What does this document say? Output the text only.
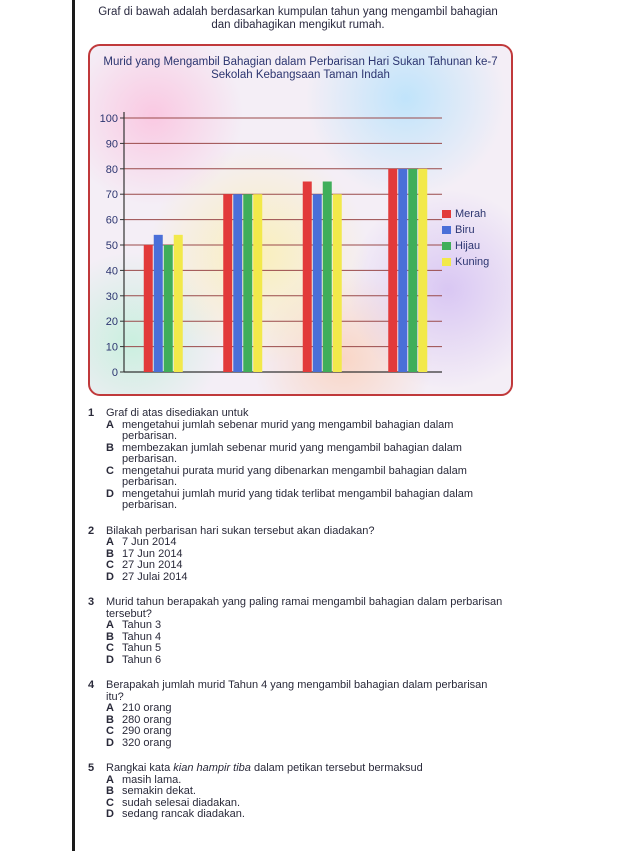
Graf di bawah adalah berdasarkan kumpulan tahun yang mengambil bahagian dan dibahagikan mengikut rumah.
Murid yang Mengambil Bahagian dalam Perbarisan Hari Sukan Tahunan ke-7 Sekolah Kebangsaan Taman Indah
0
10
20
30
40
50
60
70
80
90
100
Merah
Biru
Hijau
Kuning
1	Graf di atas disediakan untuk
A mengetahui jumlah sebenar murid yang mengambil bahagian dalam perbarisan.
B membezakan jumlah sebenar murid yang mengambil bahagian dalam perbarisan.
C mengetahui purata murid yang dibenarkan mengambil bahagian dalam perbarisan.
D mengetahui jumlah murid yang tidak terlibat mengambil bahagian dalam perbarisan.
2	Bilakah perbarisan hari sukan tersebut akan diadakan?
A 7 Jun 2014
B 17 Jun 2014
C 27 Jun 2014
D 27 Julai 2014
3	Murid tahun berapakah yang paling ramai mengambil bahagian dalam perbarisan tersebut?
A Tahun 3
B Tahun 4
C Tahun 5
D Tahun 6
4	Berapakah jumlah murid Tahun 4 yang mengambil bahagian dalam perbarisan itu?
A 210 orang
B 280 orang
C 290 orang
D 320 orang
5	Rangkai kata kian hampir tiba dalam petikan tersebut bermaksud
A masih lama.
B semakin dekat.
C sudah selesai diadakan.
D sedang rancak diadakan.
